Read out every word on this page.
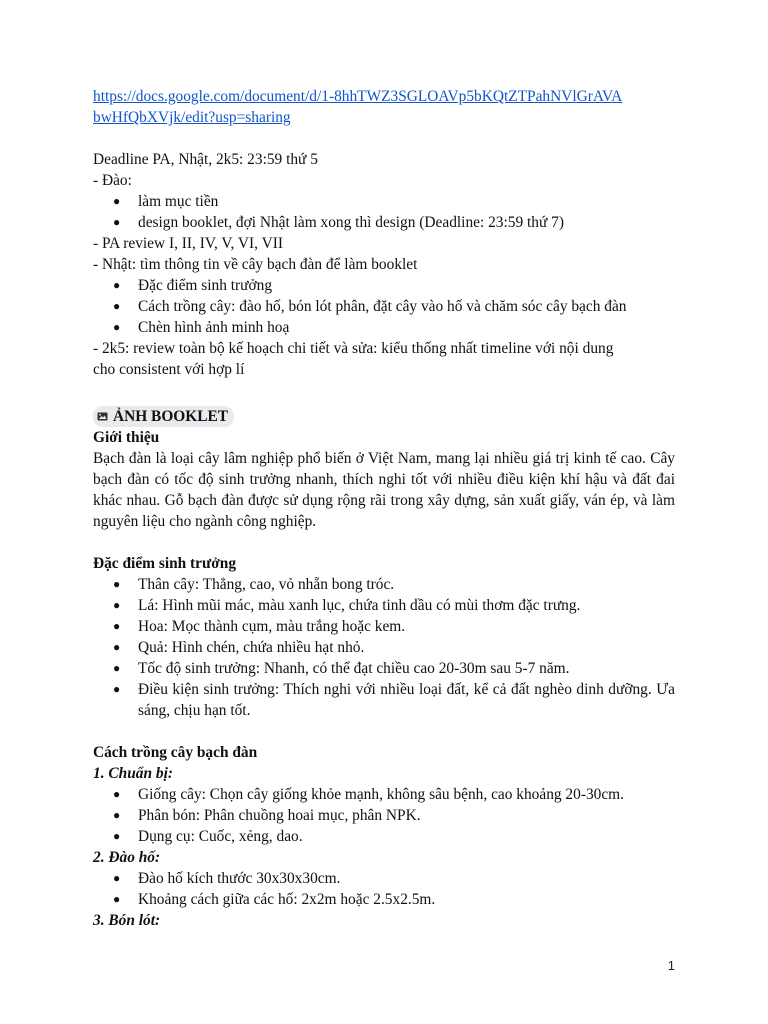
https://docs.google.com/document/d/1-8hhTWZ3SGLOAVp5bKQtZTPahNVlGrAVA
bwHfQbXVjk/edit?usp=sharing

Deadline PA, Nhật, 2k5: 23:59 thứ 5

- Đào:

● làm mục tiền
● design booklet, đợi Nhật làm xong thì design (Deadline: 23:59 thứ 7)

- PA review I, II, IV, V, VI, VII

- Nhật: tìm thông tin về cây bạch đàn để làm booklet

● Đặc điểm sinh trưởng
● Cách trồng cây: đào hố, bón lót phân, đặt cây vào hố và chăm sóc cây bạch đàn
● Chèn hình ảnh minh hoạ

- 2k5: review toàn bộ kế hoạch chi tiết và sửa: kiểu thống nhất timeline với nội dung

cho consistent với hợp lí

ẢNH BOOKLET

Giới thiệu

Bạch đàn là loại cây lâm nghiệp phổ biến ở Việt Nam, mang lại nhiều giá trị kinh tế cao. Cây bạch đàn có tốc độ sinh trưởng nhanh, thích nghi tốt với nhiều điều kiện khí hậu và đất đai khác nhau. Gỗ bạch đàn được sử dụng rộng rãi trong xây dựng, sản xuất giấy, ván ép, và làm nguyên liệu cho ngành công nghiệp.

Đặc điểm sinh trưởng

● Thân cây: Thẳng, cao, vỏ nhẵn bong tróc.
● Lá: Hình mũi mác, màu xanh lục, chứa tinh dầu có mùi thơm đặc trưng.
● Hoa: Mọc thành cụm, màu trắng hoặc kem.
● Quả: Hình chén, chứa nhiều hạt nhỏ.
● Tốc độ sinh trưởng: Nhanh, có thể đạt chiều cao 20-30m sau 5-7 năm.
● Điều kiện sinh trưởng: Thích nghi với nhiều loại đất, kể cả đất nghèo dinh dưỡng. Ưa sáng, chịu hạn tốt.

Cách trồng cây bạch đàn

1. Chuẩn bị:

● Giống cây: Chọn cây giống khỏe mạnh, không sâu bệnh, cao khoảng 20-30cm.
● Phân bón: Phân chuồng hoai mục, phân NPK.
● Dụng cụ: Cuốc, xẻng, dao.

2. Đào hố:

● Đào hố kích thước 30x30x30cm.
● Khoảng cách giữa các hố: 2x2m hoặc 2.5x2.5m.

3. Bón lót:

1
